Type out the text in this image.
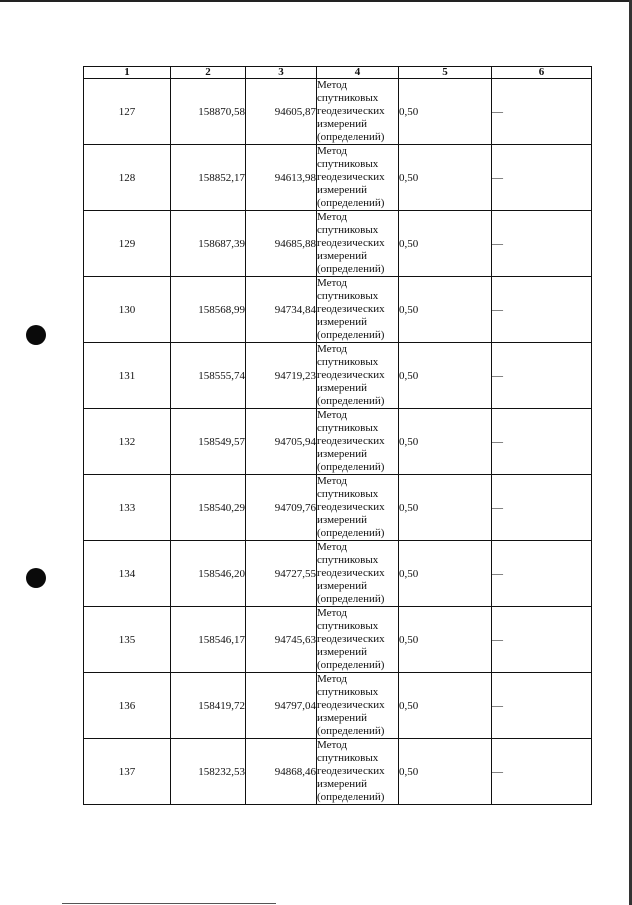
1	2	3	4	5	6
127	158870,58	94605,87	Метод
спутниковых
геодезических
измерений
(определений)	0,50	—
128	158852,17	94613,98	Метод
спутниковых
геодезических
измерений
(определений)	0,50	—
129	158687,39	94685,88	Метод
спутниковых
геодезических
измерений
(определений)	0,50	—
130	158568,99	94734,84	Метод
спутниковых
геодезических
измерений
(определений)	0,50	—
131	158555,74	94719,23	Метод
спутниковых
геодезических
измерений
(определений)	0,50	—
132	158549,57	94705,94	Метод
спутниковых
геодезических
измерений
(определений)	0,50	—
133	158540,29	94709,76	Метод
спутниковых
геодезических
измерений
(определений)	0,50	—
134	158546,20	94727,55	Метод
спутниковых
геодезических
измерений
(определений)	0,50	—
135	158546,17	94745,63	Метод
спутниковых
геодезических
измерений
(определений)	0,50	—
136	158419,72	94797,04	Метод
спутниковых
геодезических
измерений
(определений)	0,50	—
137	158232,53	94868,46	Метод
спутниковых
геодезических
измерений
(определений)	0,50	—
